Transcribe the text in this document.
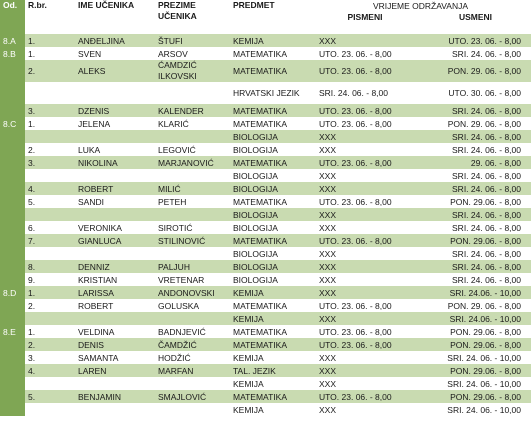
Od.	R.br.	IME UČENIKA	PREZIME UČENIKA	PREDMET	VRIJEME ODRŽAVANJA	
					PISMENI	USMENI
8.A	1.	ANĐELJINA	ŠTUFI	KEMIJA	XXX	UTO. 23. 06. - 8,00
8.B	1.	SVEN	ARSOV	MATEMATIKA	UTO. 23. 06. - 8,00	SRI. 24. 06. - 8,00
	2.	ALEKS	ĆAMDZIĆ ILKOVSKI	MATEMATIKA	UTO. 23. 06. - 8,00	PON. 29. 06. - 8,00
				HRVATSKI JEZIK	SRI. 24. 06. - 8,00	UTO. 30. 06. - 8,00
	3.	DZENIS	KALENDER	MATEMATIKA	UTO. 23. 06. - 8,00	SRI. 24. 06. - 8,00
8.C	1.	JELENA	KLARIĆ	MATEMATIKA	UTO. 23. 06. - 8,00	PON. 29. 06. - 8,00
				BIOLOGIJA	XXX	SRI. 24. 06. - 8,00
	2.	LUKA	LEGOVIĆ	BIOLOGIJA	XXX	SRI. 24. 06. - 8,00
	3.	NIKOLINA	MARJANOVIĆ	MATEMATIKA	UTO. 23. 06. - 8,00	29. 06. - 8,00
				BIOLOGIJA	XXX	SRI. 24. 06. - 8,00
	4.	ROBERT	MILIĆ	BIOLOGIJA	XXX	SRI. 24. 06. - 8,00
	5.	SANDI	PETEH	MATEMATIKA	UTO. 23. 06. - 8,00	PON. 29.06. - 8,00
				BIOLOGIJA	XXX	SRI. 24. 06. - 8,00
	6.	VERONIKA	SIROTIĆ	BIOLOGIJA	XXX	SRI. 24. 06. - 8,00
	7.	GIANLUCA	STILINOVIĆ	MATEMATIKA	UTO. 23. 06. - 8,00	PON. 29.06. - 8,00
				BIOLOGIJA	XXX	SRI. 24. 06. - 8,00
	8.	DENNIZ	PALJUH	BIOLOGIJA	XXX	SRI. 24. 06. - 8,00
	9.	KRISTIAN	VRETENAR	BIOLOGIJA	XXX	SRI. 24. 06. - 8,00
8.D	1.	LARISSA	ANDONOVSKI	KEMIJA	XXX	SRI. 24.06. - 10,00
	2.	ROBERT	GOLUSKA	MATEMATIKA	UTO. 23. 06. - 8,00	PON. 29. 06. - 8,00
				KEMIJA	XXX	SRI. 24.06. - 10,00
8.E	1.	VELDINA	BADNJEVIĆ	MATEMATIKA	UTO. 23. 06. - 8,00	PON. 29.06. - 8,00
	2.	DENIS	ČAMDŽIĆ	MATEMATIKA	UTO. 23. 06. - 8,00	PON. 29.06. - 8,00
	3.	SAMANTA	HODŽIĆ	KEMIJA	XXX	SRI. 24. 06. - 10,00
	4.	LAREN	MARFAN	TAL. JEZIK	XXX	PON. 29.06. - 8,00
				KEMIJA	XXX	SRI. 24. 06. - 10,00
	5.	BENJAMIN	SMAJLOVIĆ	MATEMATIKA	UTO. 23. 06. - 8,00	PON. 29.06. - 8,00
				KEMIJA	XXX	SRI. 24. 06. - 10,00
